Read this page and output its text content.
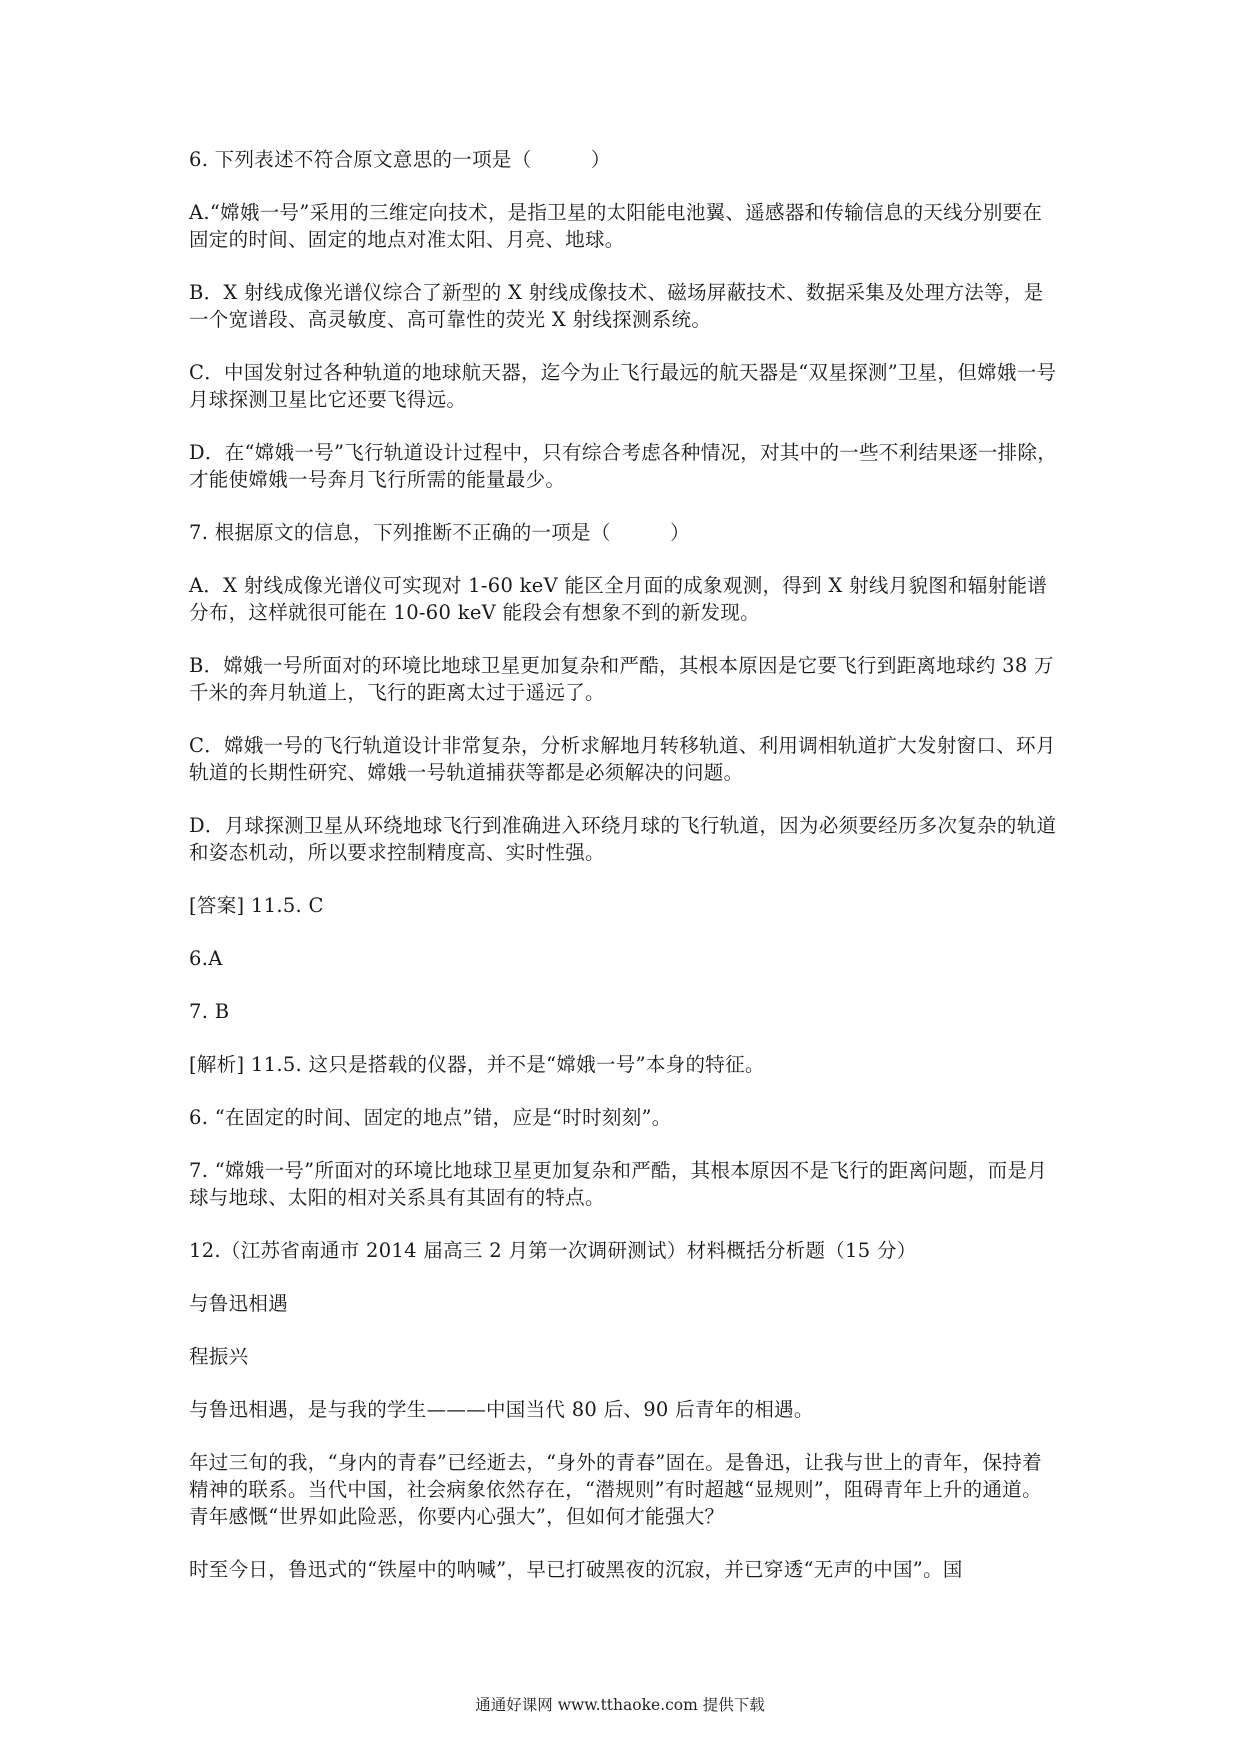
6. 下列表述不符合原文意思的一项是（　　　）

A.“嫦娥一号”采用的三维定向技术，是指卫星的太阳能电池翼、遥感器和传输信息的天线分别要在固定的时间、固定的地点对准太阳、月亮、地球。

B．X 射线成像光谱仪综合了新型的 X 射线成像技术、磁场屏蔽技术、数据采集及处理方法等，是一个宽谱段、高灵敏度、高可靠性的荧光 X 射线探测系统。

C．中国发射过各种轨道的地球航天器，迄今为止飞行最远的航天器是“双星探测”卫星，但嫦娥一号月球探测卫星比它还要飞得远。

D．在“嫦娥一号”飞行轨道设计过程中，只有综合考虑各种情况，对其中的一些不利结果逐一排除，才能使嫦娥一号奔月飞行所需的能量最少。

7. 根据原文的信息，下列推断不正确的一项是（　　　）

A．X 射线成像光谱仪可实现对 1-60 keV 能区全月面的成象观测，得到 X 射线月貌图和辐射能谱分布，这样就很可能在 10-60 keV 能段会有想象不到的新发现。

B．嫦娥一号所面对的环境比地球卫星更加复杂和严酷，其根本原因是它要飞行到距离地球约 38 万千米的奔月轨道上，飞行的距离太过于遥远了。

C．嫦娥一号的飞行轨道设计非常复杂，分析求解地月转移轨道、利用调相轨道扩大发射窗口、环月轨道的长期性研究、嫦娥一号轨道捕获等都是必须解决的问题。

D．月球探测卫星从环绕地球飞行到准确进入环绕月球的飞行轨道，因为必须要经历多次复杂的轨道和姿态机动，所以要求控制精度高、实时性强。

[答案] 11.5. C

6.A

7. B

[解析] 11.5. 这只是搭载的仪器，并不是“嫦娥一号”本身的特征。

6. “在固定的时间、固定的地点”错，应是“时时刻刻”。

7. “嫦娥一号”所面对的环境比地球卫星更加复杂和严酷，其根本原因不是飞行的距离问题，而是月球与地球、太阳的相对关系具有其固有的特点。

12.（江苏省南通市 2014 届高三 2 月第一次调研测试）材料概括分析题（15 分）

与鲁迅相遇

程振兴

与鲁迅相遇，是与我的学生———中国当代 80 后、90 后青年的相遇。

年过三旬的我，“身内的青春”已经逝去，“身外的青春”固在。是鲁迅，让我与世上的青年，保持着精神的联系。当代中国，社会病象依然存在，“潜规则”有时超越“显规则”，阻碍青年上升的通道。青年感慨“世界如此险恶，你要内心强大”，但如何才能强大？

时至今日，鲁迅式的“铁屋中的呐喊”，早已打破黑夜的沉寂，并已穿透“无声的中国”。国

通通好课网 www.tthaoke.com 提供下载
